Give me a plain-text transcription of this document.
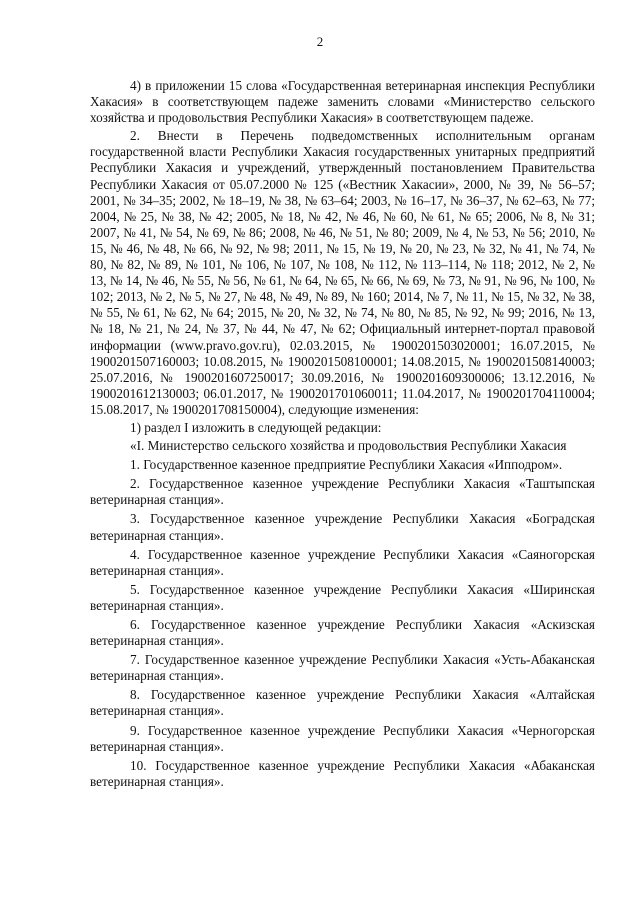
2

4) в приложении 15 слова «Государственная ветеринарная инспекция Республики Хакасия» в соответствующем падеже заменить словами «Министерство сельского хозяйства и продовольствия Республики Хакасия» в соответствующем падеже.

2. Внести в Перечень подведомственных исполнительным органам государственной власти Республики Хакасия государственных унитарных предприятий Республики Хакасия и учреждений, утвержденный постановлением Правительства Республики Хакасия от 05.07.2000 № 125 («Вестник Хакасии», 2000, № 39, № 56–57; 2001, № 34–35; 2002, № 18–19, № 38, № 63–64; 2003, № 16–17, № 36–37, № 62–63, № 77; 2004, № 25, № 38, № 42; 2005, № 18, № 42, № 46, № 60, № 61, № 65; 2006, № 8, № 31; 2007, № 41, № 54, № 69, № 86; 2008, № 46, № 51, № 80; 2009, № 4, № 53, № 56; 2010, № 15, № 46, № 48, № 66, № 92, № 98; 2011, № 15, № 19, № 20, № 23, № 32, № 41, № 74, № 80, № 82, № 89, № 101, № 106, № 107, № 108, № 112, № 113–114, № 118; 2012, № 2, № 13, № 14, № 46, № 55, № 56, № 61, № 64, № 65, № 66, № 69, № 73, № 91, № 96, № 100, № 102; 2013, № 2, № 5, № 27, № 48, № 49, № 89, № 160; 2014, № 7, № 11, № 15, № 32, № 38, № 55, № 61, № 62, № 64; 2015, № 20, № 32, № 74, № 80, № 85, № 92, № 99; 2016, № 13, № 18, № 21, № 24, № 37, № 44, № 47, № 62; Официальный интернет-портал правовой информации (www.pravo.gov.ru), 02.03.2015, № 1900201503020001; 16.07.2015, № 1900201507160003; 10.08.2015, № 1900201508100001; 14.08.2015, № 1900201508140003; 25.07.2016, № 1900201607250017; 30.09.2016, № 1900201609300006; 13.12.2016, № 1900201612130003; 06.01.2017, № 1900201701060011; 11.04.2017, № 1900201704110004; 15.08.2017, № 1900201708150004), следующие изменения:

1) раздел I изложить в следующей редакции:

«I. Министерство сельского хозяйства и продовольствия Республики Хакасия

1. Государственное казенное предприятие Республики Хакасия «Ипподром».

2. Государственное казенное учреждение Республики Хакасия «Таштыпская ветеринарная станция».

3. Государственное казенное учреждение Республики Хакасия «Боградская ветеринарная станция».

4. Государственное казенное учреждение Республики Хакасия «Саяногорская ветеринарная станция».

5. Государственное казенное учреждение Республики Хакасия «Ширинская ветеринарная станция».

6. Государственное казенное учреждение Республики Хакасия «Аскизская ветеринарная станция».

7. Государственное казенное учреждение Республики Хакасия «Усть-Абаканская ветеринарная станция».

8. Государственное казенное учреждение Республики Хакасия «Алтайская ветеринарная станция».

9. Государственное казенное учреждение Республики Хакасия «Черногорская ветеринарная станция».

10. Государственное казенное учреждение Республики Хакасия «Абаканская ветеринарная станция».
